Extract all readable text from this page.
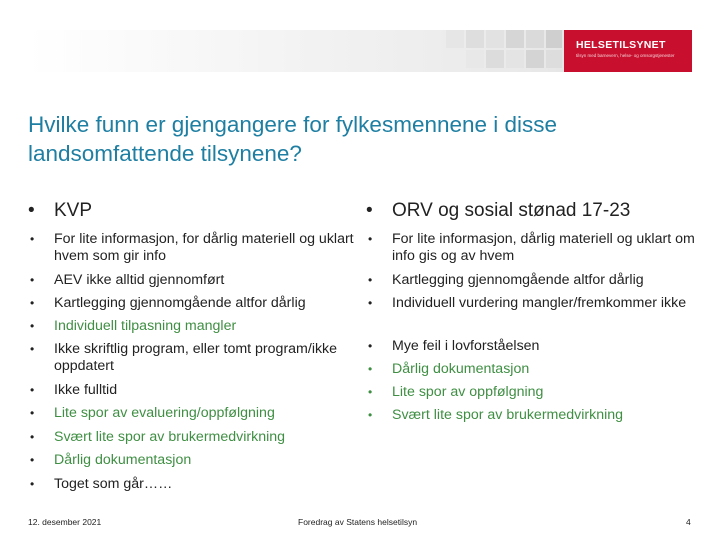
HELSETILSYNET
tilsyn med barnevern, helse- og omsorgstjenester
Hvilke funn er gjengangere for fylkesmennene i disse landsomfattende tilsynene?
• KVP
• For lite informasjon, for dårlig materiell og uklart hvem som gir info
• AEV ikke alltid gjennomført
• Kartlegging gjennomgående altfor dårlig
• Individuell tilpasning mangler
• Ikke skriftlig program, eller tomt program/ikke oppdatert
• Ikke fulltid
• Lite spor av evaluering/oppfølgning
• Svært lite spor av brukermedvirkning
• Dårlig dokumentasjon
• Toget som går……
• ORV og sosial stønad 17-23
• For lite informasjon, dårlig materiell og uklart om info gis og av hvem
• Kartlegging gjennomgående altfor dårlig
• Individuell vurdering mangler/fremkommer ikke
• Mye feil i lovforståelsen
• Dårlig dokumentasjon
• Lite spor av oppfølgning
• Svært lite spor av brukermedvirkning
12. desember 2021	Foredrag av Statens helsetilsyn	4
